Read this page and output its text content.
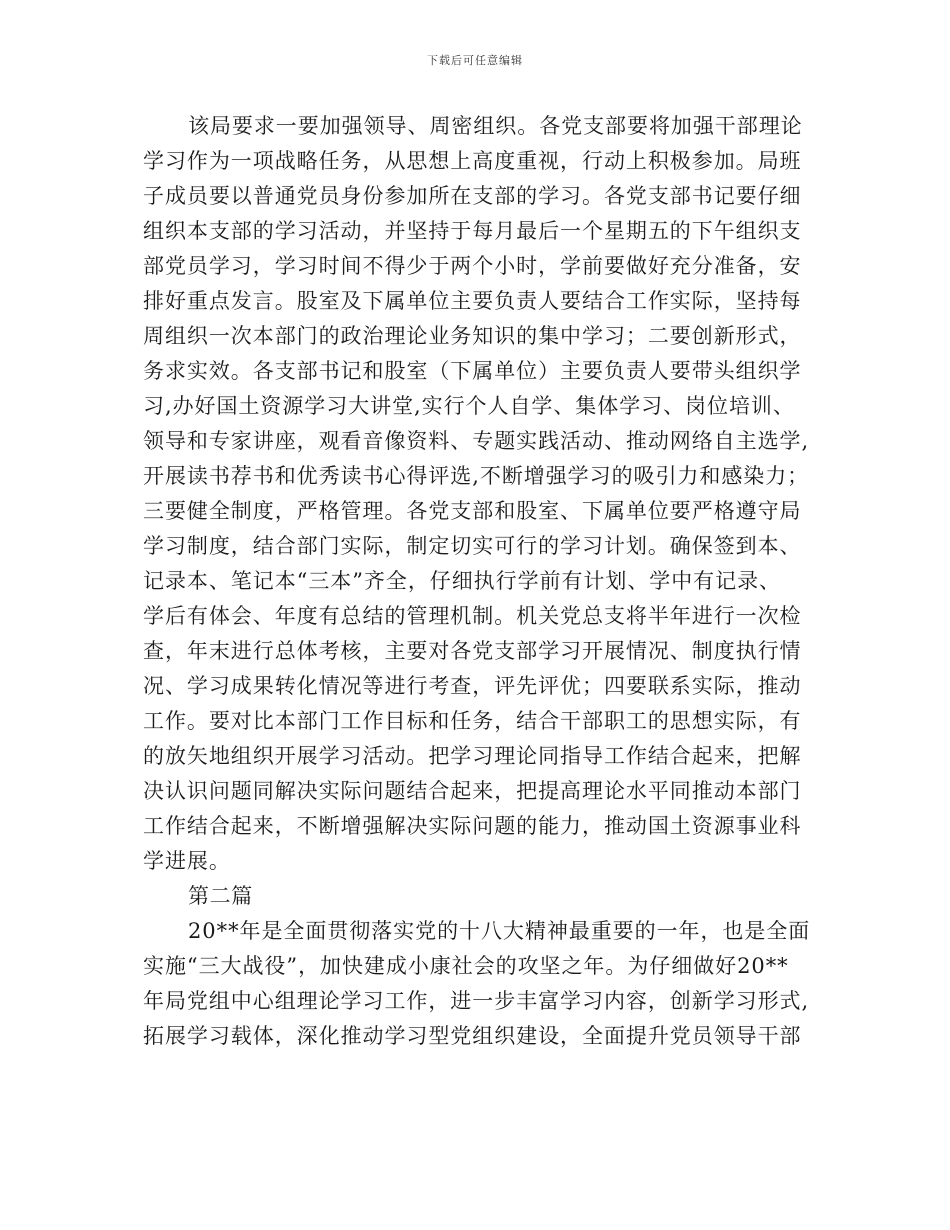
下载后可任意编辑
该局要求一要加强领导、周密组织。各党支部要将加强干部理论
学习作为一项战略任务，从思想上高度重视，行动上积极参加。局班
子成员要以普通党员身份参加所在支部的学习。各党支部书记要仔细
组织本支部的学习活动，并坚持于每月最后一个星期五的下午组织支
部党员学习，学习时间不得少于两个小时，学前要做好充分准备，安
排好重点发言。股室及下属单位主要负责人要结合工作实际，坚持每
周组织一次本部门的政治理论业务知识的集中学习；二要创新形式，
务求实效。各支部书记和股室（下属单位）主要负责人要带头组织学
习,办好国土资源学习大讲堂,实行个人自学、集体学习、岗位培训、
领导和专家讲座，观看音像资料、专题实践活动、推动网络自主选学,
开展读书荐书和优秀读书心得评选,不断增强学习的吸引力和感染力；
三要健全制度，严格管理。各党支部和股室、下属单位要严格遵守局
学习制度，结合部门实际，制定切实可行的学习计划。确保签到本、
记录本、笔记本“三本”齐全，仔细执行学前有计划、学中有记录、
学后有体会、年度有总结的管理机制。机关党总支将半年进行一次检
查，年末进行总体考核，主要对各党支部学习开展情况、制度执行情
况、学习成果转化情况等进行考查，评先评优；四要联系实际，推动
工作。要对比本部门工作目标和任务，结合干部职工的思想实际，有
的放矢地组织开展学习活动。把学习理论同指导工作结合起来，把解
决认识问题同解决实际问题结合起来，把提高理论水平同推动本部门
工作结合起来，不断增强解决实际问题的能力，推动国土资源事业科
学进展。
第二篇
20**年是全面贯彻落实党的十八大精神最重要的一年，也是全面
实施“三大战役”，加快建成小康社会的攻坚之年。为仔细做好20**
年局党组中心组理论学习工作，进一步丰富学习内容，创新学习形式,
拓展学习载体，深化推动学习型党组织建设，全面提升党员领导干部
